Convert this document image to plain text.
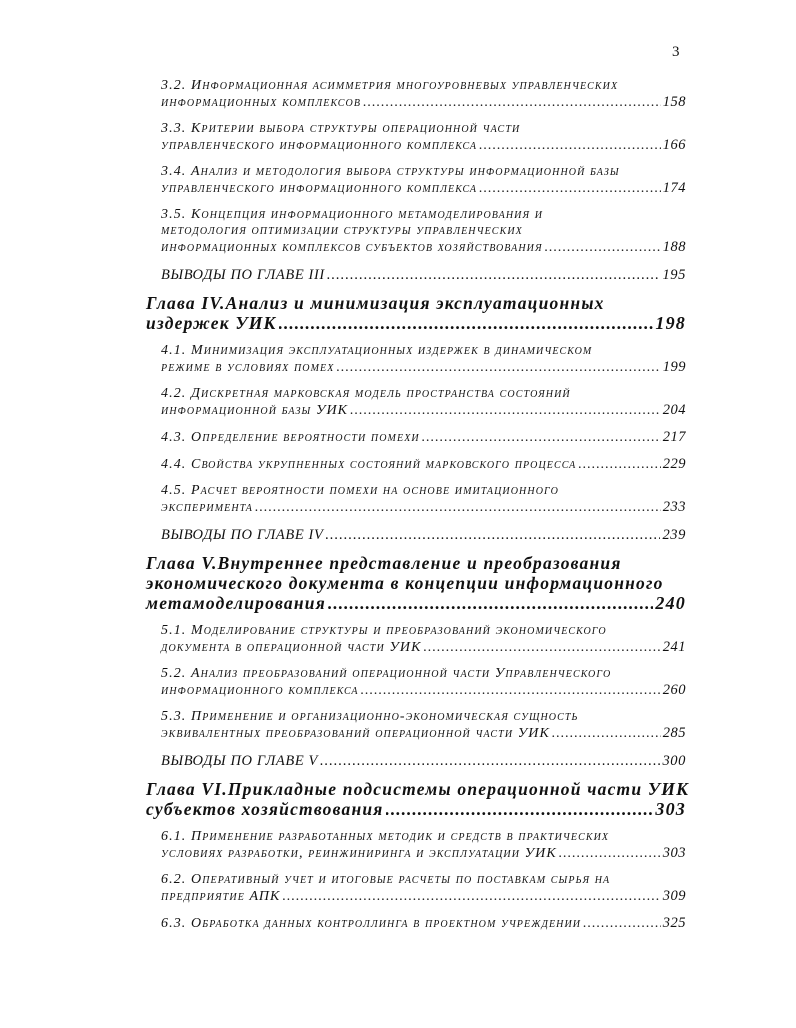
3
3.2. Информационная асимметрия многоуровневых управленческих
информационных комплексов .....	158
3.3. Критерии выбора структуры операционной части
управленческого информационного комплекса .....	166
3.4. Анализ и методология выбора структуры информационной базы
управленческого информационного комплекса .....	174
3.5. Концепция информационного метамоделирования и
методология оптимизации структуры управленческих
информационных комплексов субъектов хозяйствования .....	188
ВЫВОДЫ ПО ГЛАВЕ III .....	195
Глава IV.Анализ и минимизация эксплуатационных
издержек УИК .....	198
4.1. Минимизация эксплуатационных издержек в динамическом
режиме в условиях помех .....	199
4.2. Дискретная марковская модель пространства состояний
информационной базы УИК .....	204
4.3. Определение вероятности помехи .....	217
4.4. Свойства укрупненных состояний марковского процесса .....	229
4.5. Расчет вероятности помехи на основе имитационного
эксперимента .....	233
ВЫВОДЫ ПО ГЛАВЕ IV .....	239
Глава V.Внутреннее представление и преобразования
экономического документа в концепции информационного
метамоделирования .....	240
5.1. Моделирование структуры и преобразований экономического
документа в операционной части УИК .....	241
5.2. Анализ преобразований операционной части Управленческого
информационного комплекса .....	260
5.3. Применение и организационно-экономическая сущность
эквивалентных преобразований операционной части УИК .....	285
ВЫВОДЫ ПО ГЛАВЕ V .....	300
Глава VI.Прикладные подсистемы операционной части УИК
субъектов хозяйствования .....	303
6.1. Применение разработанных методик и средств в практических
условиях разработки, реинжиниринга и эксплуатации УИК .....	303
6.2. Оперативный учет и итоговые расчеты по поставкам сырья на
предприятие АПК .....	309
6.3. Обработка данных контроллинга в проектном учреждении .....	325
